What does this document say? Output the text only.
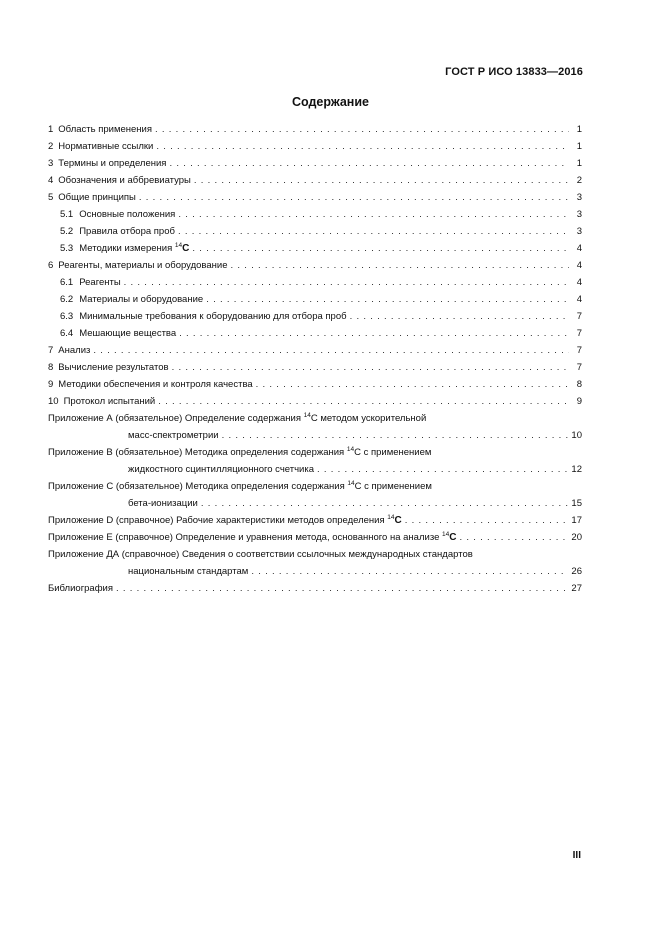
ГОСТ Р ИСО 13833—2016
Содержание
1 Область применения . . .	1
2 Нормативные ссылки . . .	1
3 Термины и определения . . .	1
4 Обозначения и аббревиатуры . . .	2
5 Общие принципы . . .	3
5.1 Основные положения . . .	3
5.2 Правила отбора проб . . .	3
5.3 Методики измерения $^{14}$C . . .	4
6 Реагенты, материалы и оборудование . . .	4
6.1 Реагенты . . .	4
6.2 Материалы и оборудование . . .	4
6.3 Минимальные требования к оборудованию для отбора проб . . .	7
6.4 Мешающие вещества . . .	7
7 Анализ . . .	7
8 Вычисление результатов . . .	7
9 Методики обеспечения и контроля качества . . .	8
10 Протокол испытаний . . .	9
Приложение А (обязательное) Определение содержания $^{14}$С методом ускорительной
масс-спектрометрии . . .	10
Приложение В (обязательное) Методика определения содержания $^{14}$С с применением
жидкостного сцинтилляционного счетчика . . .	12
Приложение С (обязательное) Методика определения содержания $^{14}$С с применением
бета-ионизации . . .	15
Приложение D (справочное) Рабочие характеристики методов определения $^{14}$С . . .	17
Приложение Е (справочное) Определение и уравнения метода, основанного на анализе $^{14}$С . . .	20
Приложение ДА (справочное) Сведения о соответствии ссылочных международных стандартов
национальным стандартам . . .	26
Библиография . . .	27
III
